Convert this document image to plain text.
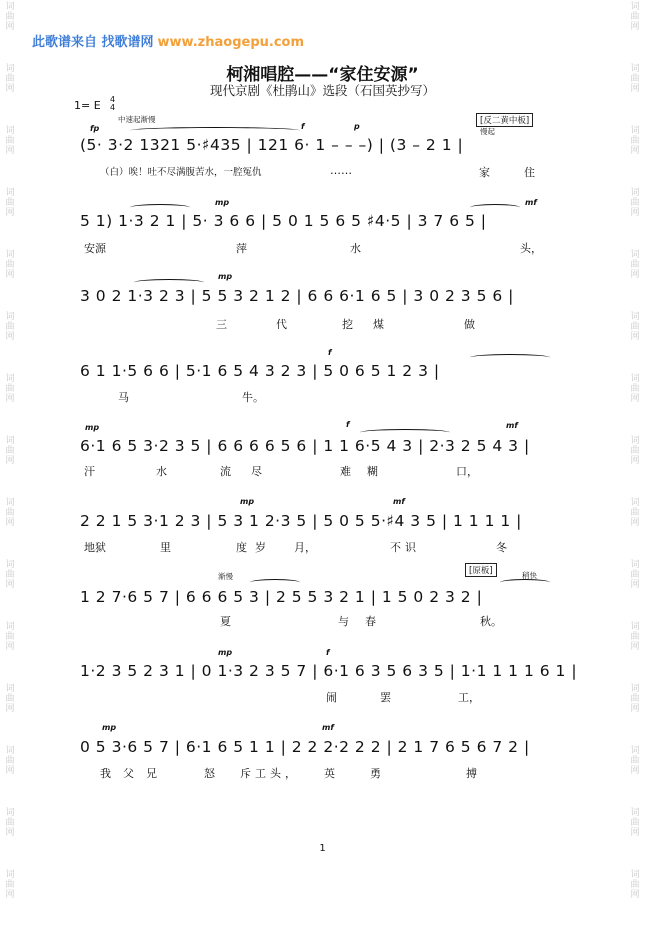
词
曲
网
词
曲
网
词
曲
网
词
曲
网
词
曲
网
词
曲
网
词
曲
网
词
曲
网
词
曲
网
词
曲
网
词
曲
网
词
曲
网
词
曲
网
词
曲
网
词
曲
网
词
曲
网
词
曲
网
词
曲
网
词
曲
网
词
曲
网
词
曲
网
词
曲
网
词
曲
网
词
曲
网
词
曲
网
词
曲
网
词
曲
网
词
曲
网
词
曲
网
词
曲
网
此歌谱来自 找歌谱网 www.zhaogepu.com
柯湘唱腔——“家住安源”
现代京剧《杜鹃山》选段（石国英抄写）
1= E 4
4
中速起渐慢	[反二黄中板]
慢起
渐慢
[原板]	稍快
fp	f	p
mp	mf
mp
f
mp	f	mf
mp	mf
mp	f
mp	mf
(5· 3·2 1321 5·♯435 | 121 6· 1 – – –) | (3 – 2 1 |
（白）唉！吐不尽满腹苦水，一腔冤仇	……	家	住
5 1) 1·3 2 1 | 5· 3 6 6 | 5 0 1 5 6 5 ♯4·5 | 3 7 6 5 |
安源	萍	水	头，
3 0 2 1·3 2 3 | 5 5 3 2 1 2 | 6 6 6·1 6 5 | 3 0 2 3 5 6 |
三	代	挖煤	做
6 1 1·5 6 6 | 5·1 6 5 4 3 2 3 | 5 0 6 5 1 2 3 |
马	牛。
6·1 6 5 3·2 3 5 | 6 6 6 6 5 6 | 1 1 6·5 4 3 | 2·3 2 5 4 3 |
汗	水	流尽	难糊	口，
2 2 1 5 3·1 2 3 | 5 3 1 2·3 5 | 5 0 5 5·♯4 3 5 | 1 1 1 1 |
地狱	里	度岁 月，	不识	冬
1 2 7·6 5 7 | 6 6 6 5 3 | 2 5 5 3 2 1 | 1 5 0 2 3 2 |
夏	与春	秋。
1·2 3 5 2 3 1 | 0 1·3 2 3 5 7 | 6·1 6 3 5 6 3 5 | 1·1 1 1 1 6 1 |
闹	罢	工，
0 5 3·6 5 7 | 6·1 6 5 1 1 | 2 2 2·2 2 2 | 2 1 7 6 5 6 7 2 |
我父兄	怒 斥工头， 英	勇	搏
1
